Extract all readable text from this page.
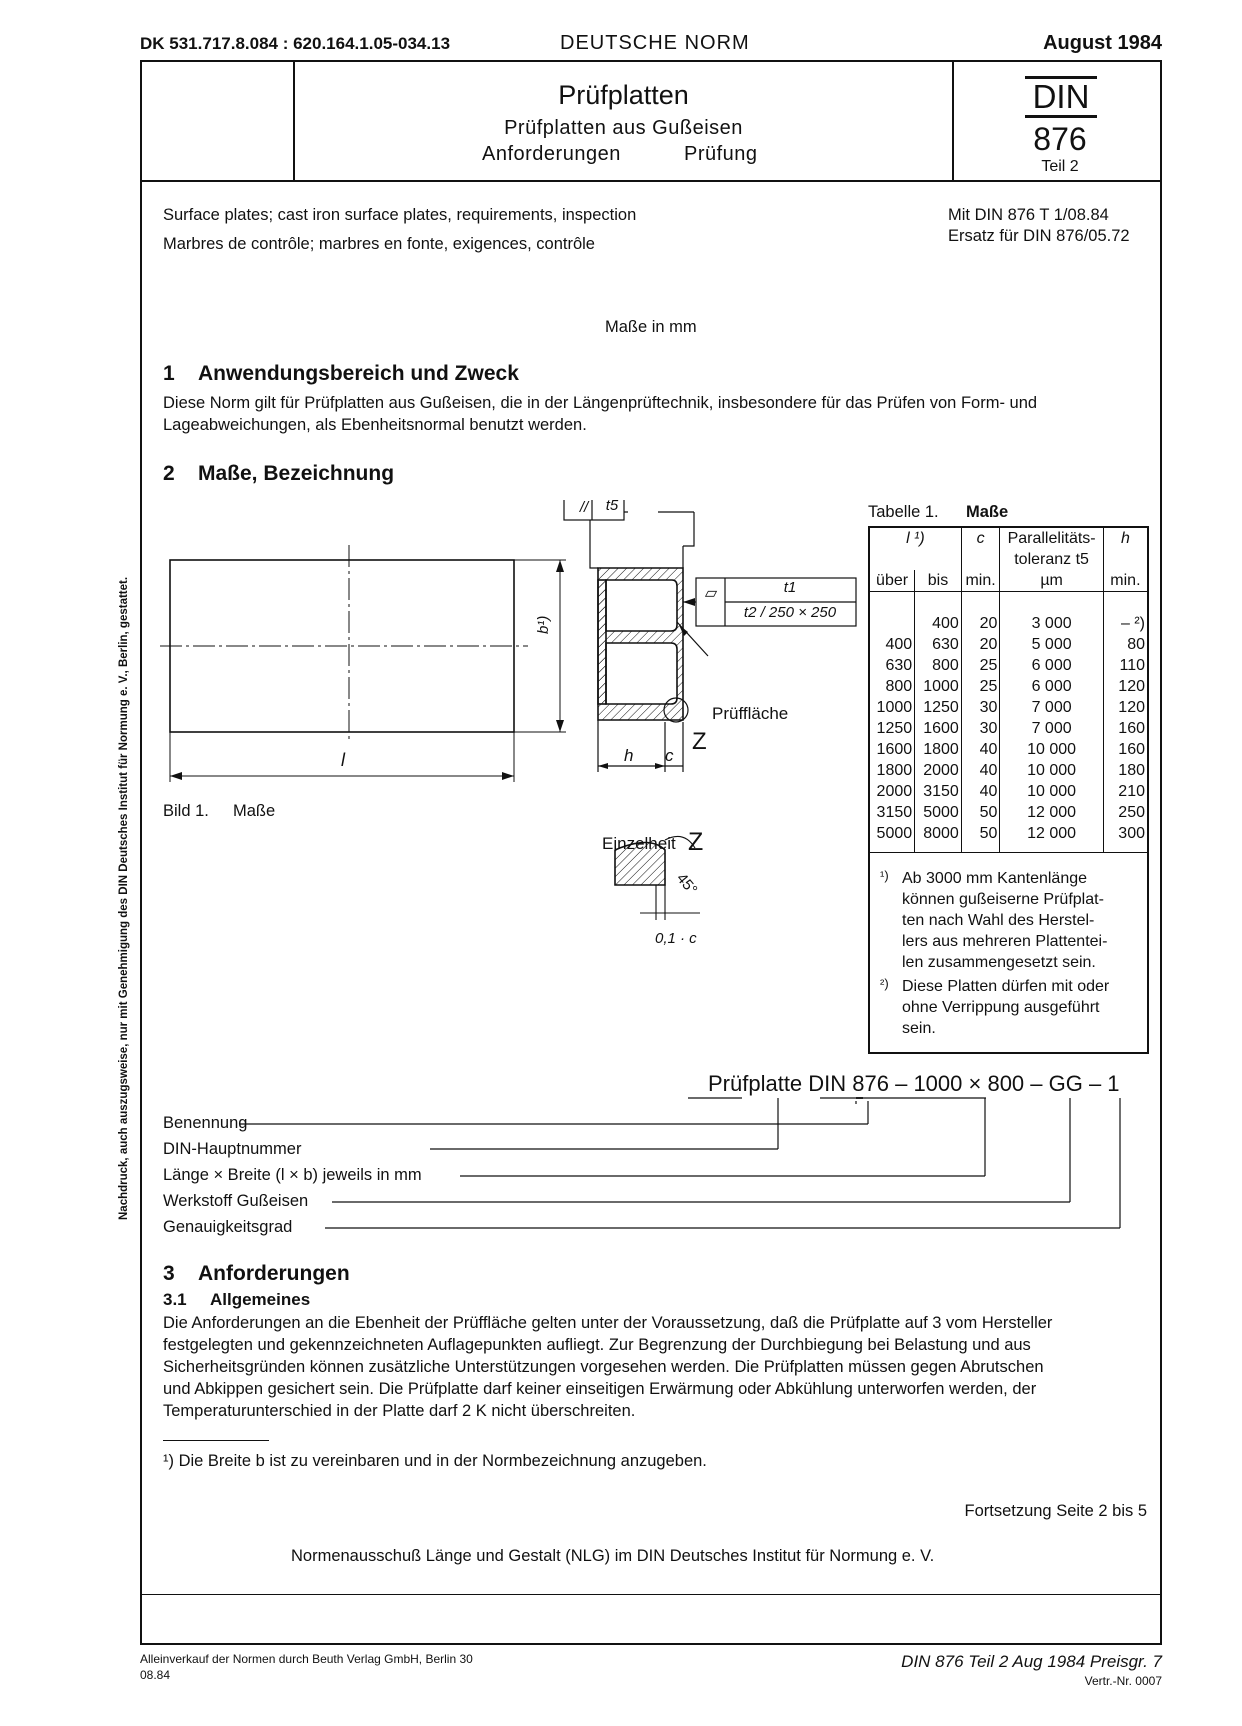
DK 531.717.8.084 : 620.164.1.05-034.13	DEUTSCHE NORM	August 1984
Prüfplatten
Prüfplatten aus Gußeisen
Anforderungen	Prüfung
DIN
876
Teil 2
Surface plates; cast iron surface plates, requirements, inspection
Marbres de contrôle; marbres en fonte, exigences, contrôle
Mit DIN 876 T 1/08.84
Ersatz für DIN 876/05.72
Maße in mm
1 Anwendungsbereich und Zweck
Diese Norm gilt für Prüfplatten aus Gußeisen, die in der Längenprüftechnik, insbesondere für das Prüfen von Form- und
Lageabweichungen, als Ebenheitsnormal benutzt werden.
2 Maße, Bezeichnung
l
b¹)
//	t5
▱	t1
t2 / 250 × 250
Prüffläche
Z
h c
Einzelheit Z
45°
0,1 · c
Bild 1. Maße
Tabelle 1. Maße
l ¹)		c	Parallelitäts-	h
			toleranz t5	
über	bis	min.	µm	min.

	400	20	3 000	– ²)
400	630	20	5 000	80
630	800	25	6 000	110
800	1000	25	6 000	120
1000	1250	30	7 000	120
1250	1600	30	7 000	160
1600	1800	40	10 000	160
1800	2000	40	10 000	180
2000	3150	40	10 000	210
3150	5000	50	12 000	250
5000	8000	50	12 000	300

¹) Ab 3000 mm Kantenlänge
können gußeiserne Prüfplat-
ten nach Wahl des Herstel-
lers aus mehreren Plattentei-
len zusammengesetzt sein.
²) Diese Platten dürfen mit oder
ohne Verrippung ausgeführt
sein.
Prüfplatte DIN 876 – 1000 × 800 – GG – 1
Benennung
DIN-Hauptnummer
Länge × Breite (l × b) jeweils in mm
Werkstoff Gußeisen
Genauigkeitsgrad
3 Anforderungen
3.1 Allgemeines
Die Anforderungen an die Ebenheit der Prüffläche gelten unter der Voraussetzung, daß die Prüfplatte auf 3 vom Hersteller
festgelegten und gekennzeichneten Auflagepunkten aufliegt. Zur Begrenzung der Durchbiegung bei Belastung und aus
Sicherheitsgründen können zusätzliche Unterstützungen vorgesehen werden. Die Prüfplatten müssen gegen Abrutschen
und Abkippen gesichert sein. Die Prüfplatte darf keiner einseitigen Erwärmung oder Abkühlung unterworfen werden, der
Temperaturunterschied in der Platte darf 2 K nicht überschreiten.
¹) Die Breite b ist zu vereinbaren und in der Normbezeichnung anzugeben.
Fortsetzung Seite 2 bis 5
Normenausschuß Länge und Gestalt (NLG) im DIN Deutsches Institut für Normung e. V.
Alleinverkauf der Normen durch Beuth Verlag GmbH, Berlin 30
08.84
DIN 876 Teil 2 Aug 1984 Preisgr. 7
Vertr.-Nr. 0007
Nachdruck, auch auszugsweise, nur mit Genehmigung des DIN Deutsches Institut für Normung e. V., Berlin, gestattet.
